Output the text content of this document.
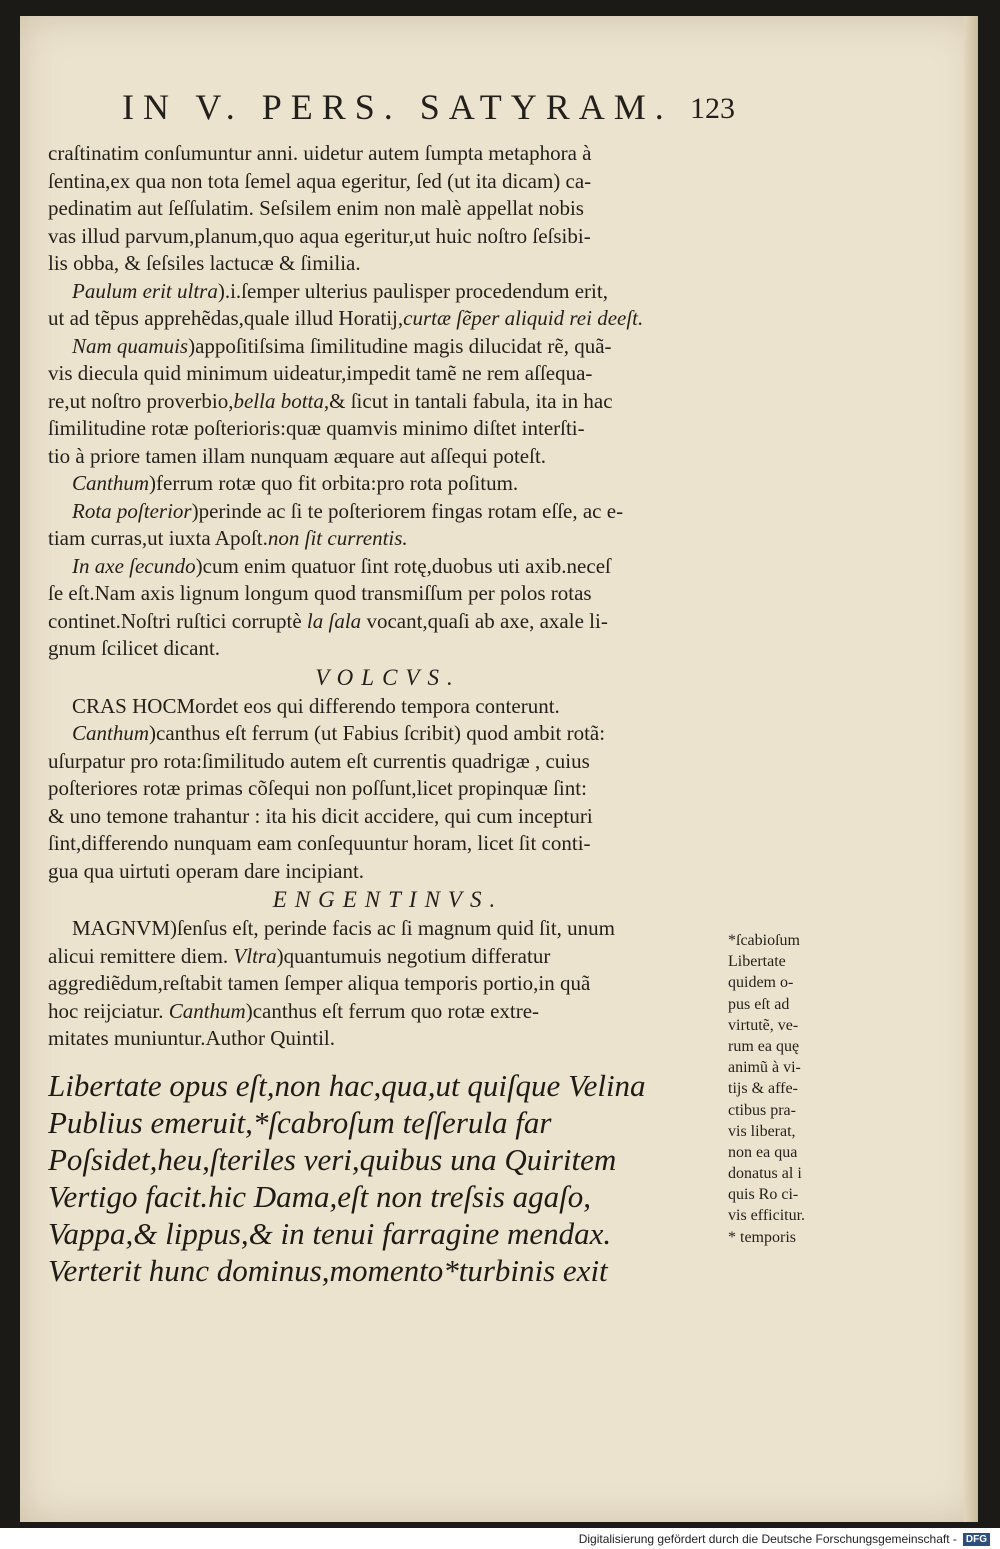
IN V. PERS. SATYRAM. 123
craſtinatim conſumuntur anni. uidetur autem ſumpta metaphora à
ſentina,ex qua non tota ſemel aqua egeritur, ſed (ut ita dicam) ca-
pedinatim aut ſeſſulatim. Seſsilem enim non malè appellat nobis
vas illud parvum,planum,quo aqua egeritur,ut huic noſtro ſeſsibi-
lis obba, & ſeſsiles lactucæ & ſimilia.
Paulum erit ultra).i.ſemper ulterius paulisper procedendum erit,
ut ad tẽpus apprehẽdas,quale illud Horatij,curtæ ſẽper aliquid rei deeſt.
Nam quamuis)appoſitiſsima ſimilitudine magis dilucidat rẽ, quã-
vis diecula quid minimum uideatur,impedit tamẽ ne rem aſſequa-
re,ut noſtro proverbio,bella botta,& ſicut in tantali fabula, ita in hac
ſimilitudine rotæ poſterioris:quæ quamvis minimo diſtet interſti-
tio à priore tamen illam nunquam æquare aut aſſequi poteſt.
Canthum)ferrum rotæ quo fit orbita:pro rota poſitum.
Rota poſterior)perinde ac ſi te poſteriorem fingas rotam eſſe, ac e-
tiam curras,ut iuxta Apoſt.non ſit currentis.
In axe ſecundo)cum enim quatuor ſint rotę,duobus uti axib.neceſ
ſe eſt.Nam axis lignum longum quod transmiſſum per polos rotas
continet.Noſtri ruſtici corruptè la ſala vocant,quaſi ab axe, axale li-
gnum ſcilicet dicant.
VOLCVS.
CRAS HOCMordet eos qui differendo tempora conterunt.
Canthum)canthus eſt ferrum (ut Fabius ſcribit) quod ambit rotã:
uſurpatur pro rota:ſimilitudo autem eſt currentis quadrigæ , cuius
poſteriores rotæ primas cõſequi non poſſunt,licet propinquæ ſint:
& uno temone trahantur : ita his dicit accidere, qui cum incepturi
ſint,differendo nunquam eam conſequuntur horam, licet ſit conti-
gua qua uirtuti operam dare incipiant.
ENGENTINVS.
MAGNVM)ſenſus eſt, perinde facis ac ſi magnum quid ſit, unum
alicui remittere diem. Vltra)quantumuis negotium differatur
aggrediẽdum,reſtabit tamen ſemper aliqua temporis portio,in quã
hoc reijciatur. Canthum)canthus eſt ferrum quo rotæ extre-
mitates muniuntur.Author Quintil.
Libertate opus eſt,non hac,qua,ut quiſque Velina
Publius emeruit,*ſcabroſum teſſerula far
Poſsidet,heu,ſteriles veri,quibus una Quiritem
Vertigo facit.hic Dama,eſt non treſsis agaſo,
Vappa,& lippus,& in tenui farragine mendax.
Verterit hunc dominus,momento*turbinis exit
*ſcabioſum
Libertate
quidem o-
pus eſt ad
virtutẽ, ve-
rum ea quę
animũ à vi-
tijs & affe-
ctibus pra-
vis liberat,
non ea qua
donatus al i
quis Ro ci-
vis efficitur.
* temporis
Digitalisierung gefördert durch die Deutsche Forschungsgemeinschaft - DFG
